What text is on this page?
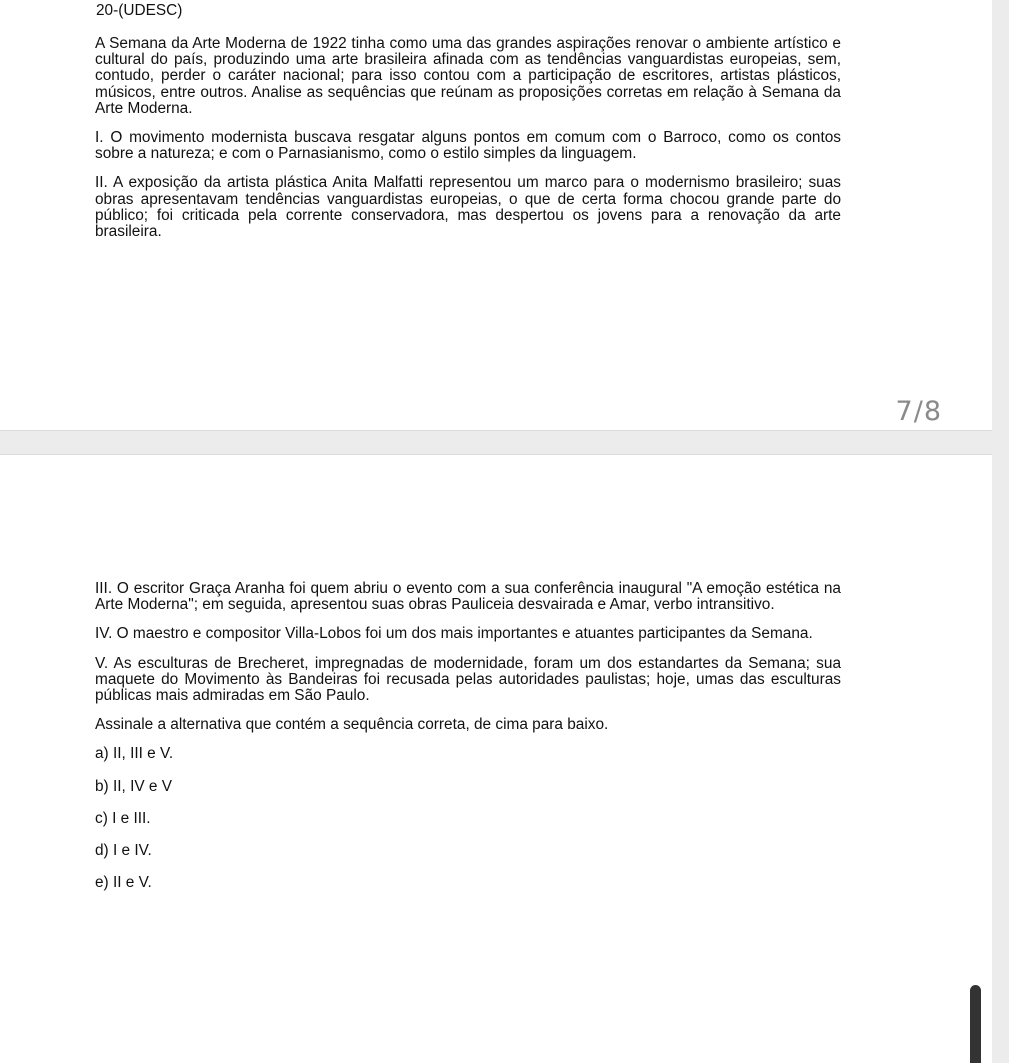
20-(UDESC)

A Semana da Arte Moderna de 1922 tinha como uma das grandes aspirações renovar o ambiente artístico e cultural do país, produzindo uma arte brasileira afinada com as tendências vanguardistas europeias, sem, contudo, perder o caráter nacional; para isso contou com a participação de escritores, artistas plásticos, músicos, entre outros. Analise as sequências que reúnam as proposições corretas em relação à Semana da Arte Moderna.

I. O movimento modernista buscava resgatar alguns pontos em comum com o Barroco, como os contos sobre a natureza; e com o Parnasianismo, como o estilo simples da linguagem.

II. A exposição da artista plástica Anita Malfatti representou um marco para o modernismo brasileiro; suas obras apresentavam tendências vanguardistas europeias, o que de certa forma chocou grande parte do público; foi criticada pela corrente conservadora, mas despertou os jovens para a renovação da arte brasileira.

7/8

III. O escritor Graça Aranha foi quem abriu o evento com a sua conferência inaugural "A emoção estética na Arte Moderna"; em seguida, apresentou suas obras Pauliceia desvairada e Amar, verbo intransitivo.

IV. O maestro e compositor Villa-Lobos foi um dos mais importantes e atuantes participantes da Semana.

V. As esculturas de Brecheret, impregnadas de modernidade, foram um dos estandartes da Semana; sua maquete do Movimento às Bandeiras foi recusada pelas autoridades paulistas; hoje, umas das esculturas públicas mais admiradas em São Paulo.

Assinale a alternativa que contém a sequência correta, de cima para baixo.

a) II, III e V.
b) II, IV e V
c) I e III.
d) I e IV.
e) II e V.
